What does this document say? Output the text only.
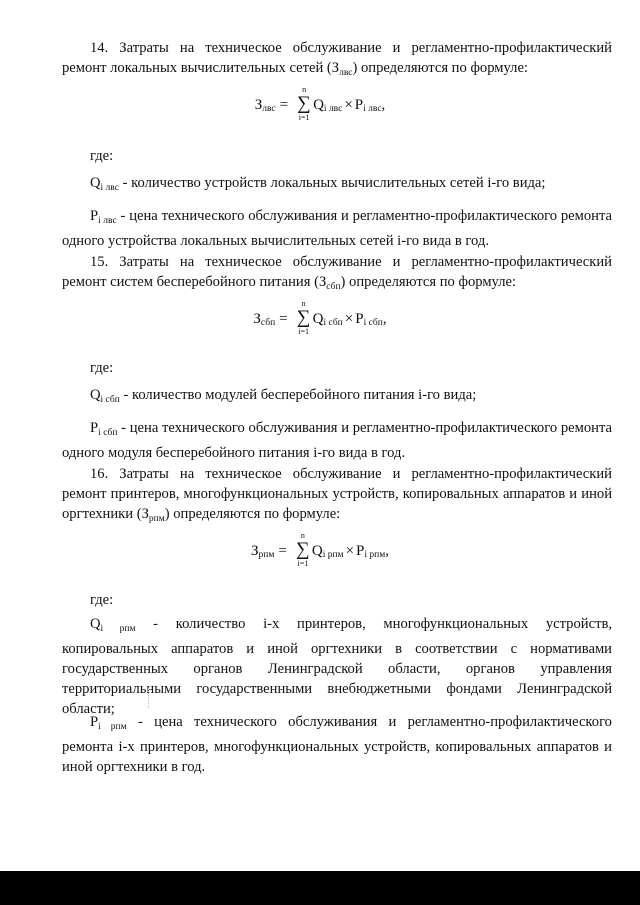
14. Затраты на техническое обслуживание и регламентно-профилактический ремонт локальных вычислительных сетей $(З_{лвс})$ определяются по формуле:

Злвс =
n
∑
i=1
Qi лвс × Pi лвс,

где:

$Q_{i лвс}$ - количество устройств локальных вычислительных сетей i-го вида;

$P_{i лвс}$ - цена технического обслуживания и регламентно-профилактического ремонта одного устройства локальных вычислительных сетей i-го вида в год.

15. Затраты на техническое обслуживание и регламентно-профилактический ремонт систем бесперебойного питания $(З_{сбп})$ определяются по формуле:

Зсбп =
n
∑
i=1
Qi сбп × Pi сбп,

где:

$Q_{i сбп}$ - количество модулей бесперебойного питания i-го вида;

$P_{i сбп}$ - цена технического обслуживания и регламентно-профилактического ремонта одного модуля бесперебойного питания i-го вида в год.

16. Затраты на техническое обслуживание и регламентно-профилактический ремонт принтеров, многофункциональных устройств, копировальных аппаратов и иной оргтехники $(З_{рпм})$ определяются по формуле:

Зрпм =
n
∑
i=1
Qi рпм × Pi рпм,

где:

$Q_{i рпм}$ - количество i-х принтеров, многофункциональных устройств, копировальных аппаратов и иной оргтехники в соответствии с нормативами государственных органов Ленинградской области, органов управления территориальными государственными внебюджетными фондами Ленинградской области;

$P_{i рпм}$ - цена технического обслуживания и регламентно-профилактического ремонта i-х принтеров, многофункциональных устройств, копировальных аппаратов и иной оргтехники в год.
